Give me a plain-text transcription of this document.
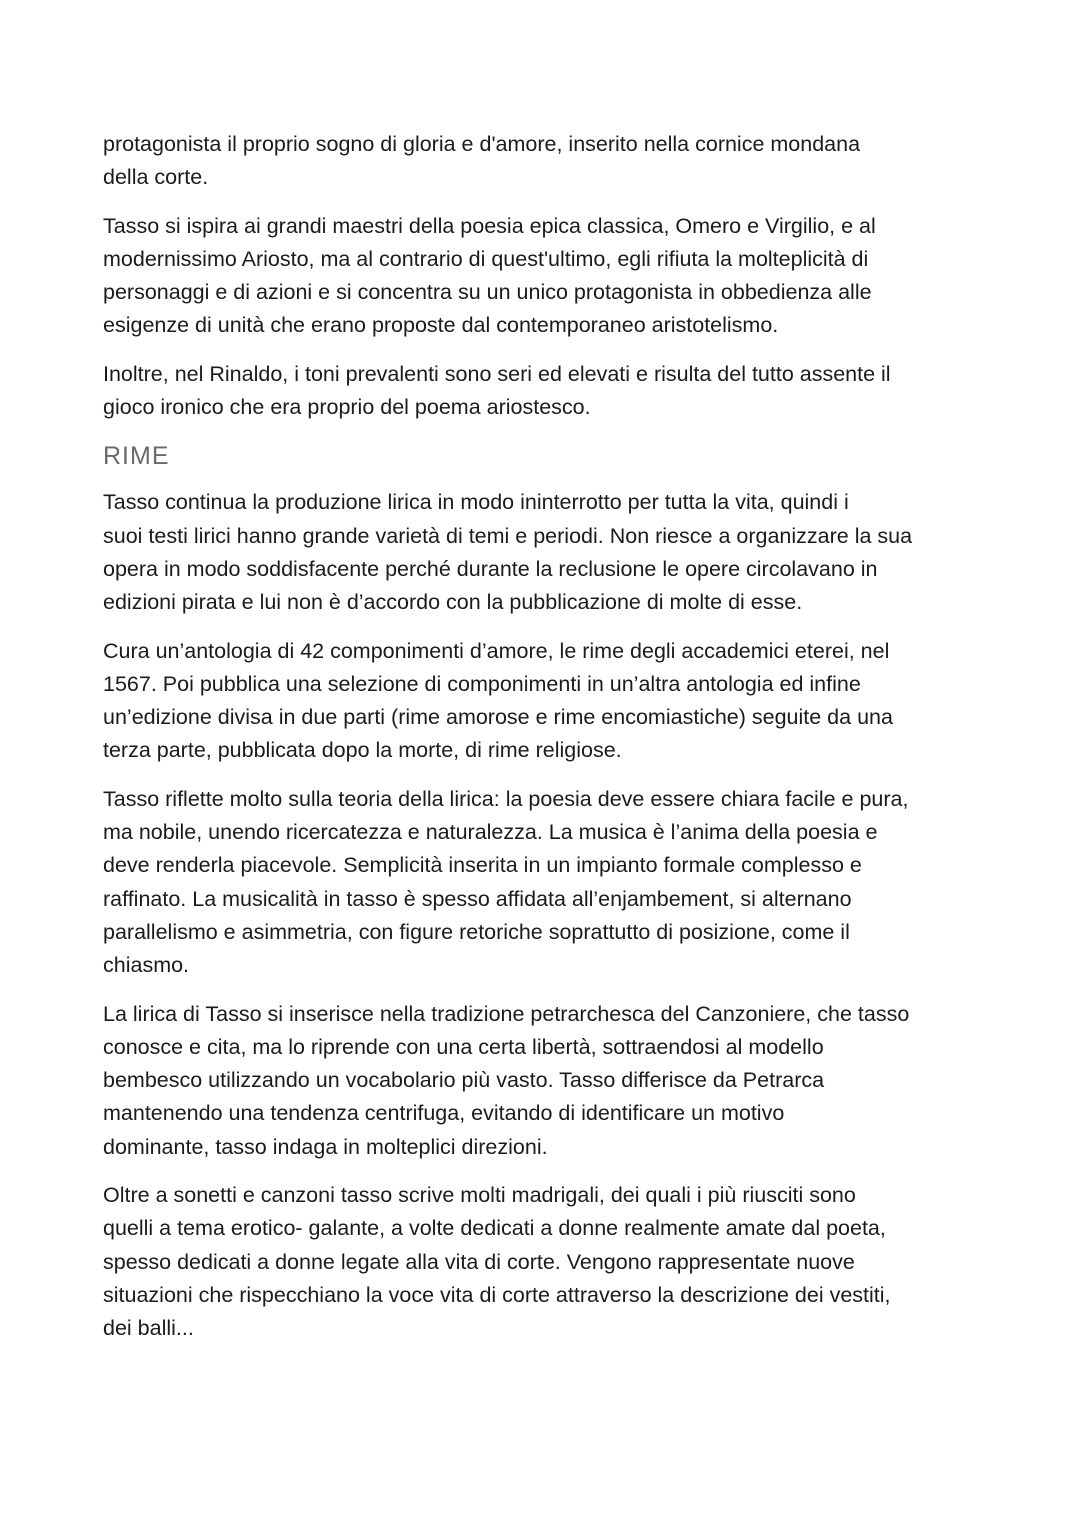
protagonista il proprio sogno di gloria e d'amore, inserito nella cornice mondana
della corte.
Tasso si ispira ai grandi maestri della poesia epica classica, Omero e Virgilio, e al
modernissimo Ariosto, ma al contrario di quest'ultimo, egli rifiuta la molteplicità di
personaggi e di azioni e si concentra su un unico protagonista in obbedienza alle
esigenze di unità che erano proposte dal contemporaneo aristotelismo.
Inoltre, nel Rinaldo, i toni prevalenti sono seri ed elevati e risulta del tutto assente il
gioco ironico che era proprio del poema ariostesco.
RIME
Tasso continua la produzione lirica in modo ininterrotto per tutta la vita, quindi i
suoi testi lirici hanno grande varietà di temi e periodi. Non riesce a organizzare la sua
opera in modo soddisfacente perché durante la reclusione le opere circolavano in
edizioni pirata e lui non è d’accordo con la pubblicazione di molte di esse.
Cura un’antologia di 42 componimenti d’amore, le rime degli accademici eterei, nel
1567. Poi pubblica una selezione di componimenti in un’altra antologia ed infine
un’edizione divisa in due parti (rime amorose e rime encomiastiche) seguite da una
terza parte, pubblicata dopo la morte, di rime religiose.
Tasso riflette molto sulla teoria della lirica: la poesia deve essere chiara facile e pura,
ma nobile, unendo ricercatezza e naturalezza. La musica è l’anima della poesia e
deve renderla piacevole. Semplicità inserita in un impianto formale complesso e
raffinato. La musicalità in tasso è spesso affidata all’enjambement, si alternano
parallelismo e asimmetria, con figure retoriche soprattutto di posizione, come il
chiasmo.
La lirica di Tasso si inserisce nella tradizione petrarchesca del Canzoniere, che tasso
conosce e cita, ma lo riprende con una certa libertà, sottraendosi al modello
bembesco utilizzando un vocabolario più vasto. Tasso differisce da Petrarca
mantenendo una tendenza centrifuga, evitando di identificare un motivo
dominante, tasso indaga in molteplici direzioni.
Oltre a sonetti e canzoni tasso scrive molti madrigali, dei quali i più riusciti sono
quelli a tema erotico- galante, a volte dedicati a donne realmente amate dal poeta,
spesso dedicati a donne legate alla vita di corte. Vengono rappresentate nuove
situazioni che rispecchiano la voce vita di corte attraverso la descrizione dei vestiti,
dei balli...
